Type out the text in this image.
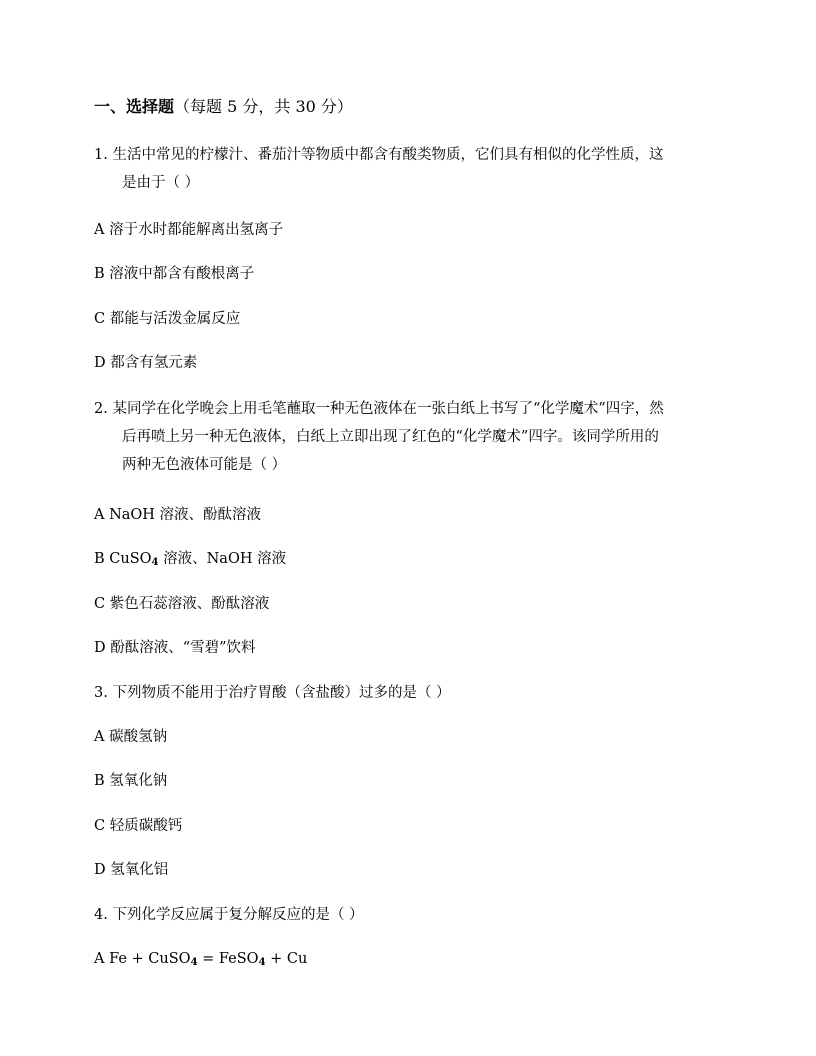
一、选择题（每题 5 分，共 30 分）
1. 生活中常见的柠檬汁、番茄汁等物质中都含有酸类物质，它们具有相似的化学性质，这
是由于（ ）
A 溶于水时都能解离出氢离子
B 溶液中都含有酸根离子
C 都能与活泼金属反应
D 都含有氢元素
2. 某同学在化学晚会上用毛笔蘸取一种无色液体在一张白纸上书写了“化学魔术”四字，然
后再喷上另一种无色液体，白纸上立即出现了红色的“化学魔术”四字。该同学所用的
两种无色液体可能是（ ）
A NaOH 溶液、酚酞溶液
B CuSO$_4$ 溶液、NaOH 溶液
C 紫色石蕊溶液、酚酞溶液
D 酚酞溶液、“雪碧”饮料
3. 下列物质不能用于治疗胃酸（含盐酸）过多的是（ ）
A 碳酸氢钠
B 氢氧化钠
C 轻质碳酸钙
D 氢氧化铝
4. 下列化学反应属于复分解反应的是（ ）
A Fe + CuSO$_4$ = FeSO$_4$ + Cu
